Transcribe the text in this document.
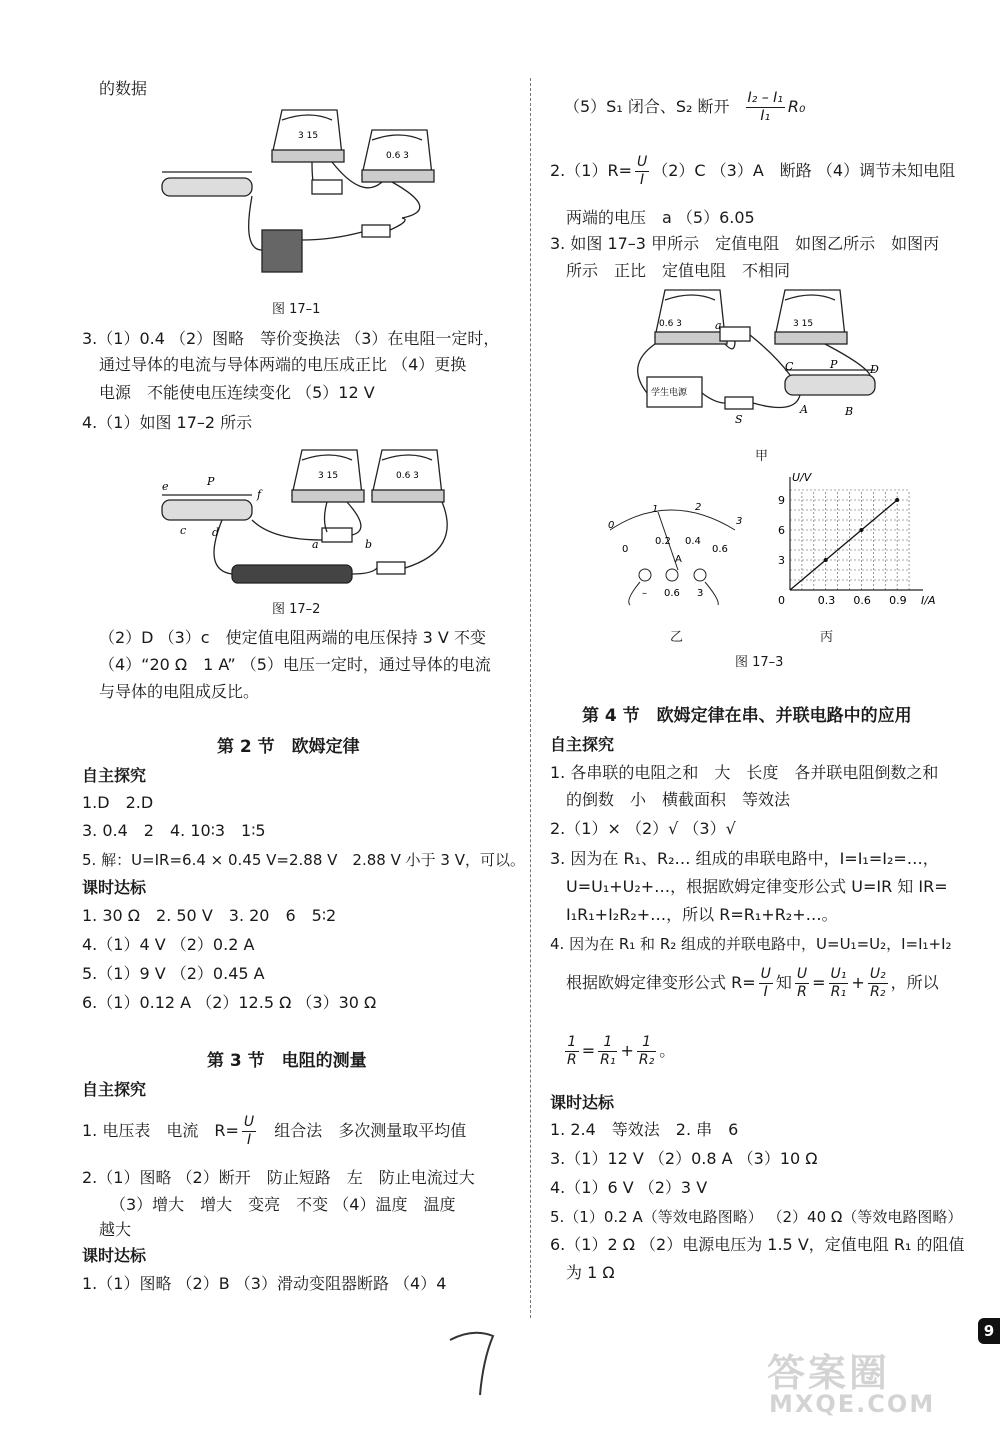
的数据
3 15
0.6 3
图 17–1
3.（1）0.4 （2）图略　等价变换法 （3）在电阻一定时，
通过导体的电流与导体两端的电压成正比 （4）更换
电源　不能使电压连续变化 （5）12 V
4.（1）如图 17–2 所示
3 15	0.6 3
e	P
f
c d
a	b
图 17–2
（2）D （3）c　使定值电阻两端的电压保持 3 V 不变
（4）“20 Ω　1 A” （5）电压一定时，通过导体的电流
与导体的电阻成反比。
第 2 节　欧姆定律
自主探究
1.D　2.D
3. 0.4　2　4. 10∶3　1∶5
5. 解：U=IR=6.4 × 0.45 V=2.88 V　2.88 V 小于 3 V，可以。
课时达标
1. 30 Ω　2. 50 V　3. 20　6　5∶2
4.（1）4 V （2）0.2 A
5.（1）9 V （2）0.45 A
6.（1）0.12 A （2）12.5 Ω （3）30 Ω
第 3 节　电阻的测量
自主探究
1. 电压表　电流　$R= \frac{U}{I}$ 组合法　多次测量取平均值
2.（1）图略 （2）断开　防止短路　左　防止电流过大
（3）增大　增大　变亮　不变 （4）温度　温度
越大
课时达标
1.（1）图略 （2）B （3）滑动变阻器断路 （4）4
（5）S₁ 闭合、S₂ 断开 $\frac{\text{I₂ – I₁}}{\text{I₁}} R_0$
$2.(1)R= \frac{U}{I} (2)C$ （3）A　断路 （4）调节未知电阻
两端的电压　a （5）6.05
3. 如图 17–3 甲所示　定值电阻　如图乙所示　如图丙
所示　正比　定值电阻　不相同
0.6 3	3 15
学生电源
a
C	P	D
A	B
S
甲
0
1	2
3
0
0.2 0.4
0.6
A
– 0.6 3
乙
I/A
U/V
0	0.3 0.6 0.9
3
6
9
丙
图 17–3
第 4 节　欧姆定律在串、并联电路中的应用
自主探究
1. 各串联的电阻之和　大　长度　各并联电阻倒数之和
的倒数　小　横截面积　等效法
2.（1）× （2）√ （3）√
3. 因为在 R₁、R₂… 组成的串联电路中，I=I₁=I₂=…，
U=U₁+U₂+…，根据欧姆定律变形公式 U=IR 知 IR=
I₁R₁+I₂R₂+…，所以 R=R₁+R₂+…。
4. 因为在 R₁ 和 R₂ 组成的并联电路中，U=U₁=U₂，I=I₁+I₂
根据欧姆定律变形公式 $R= \frac{U}{I}$ 知 $\frac{U}{R} = \frac{\text{U₁}}{\text{R₁}} + \frac{\text{U₂}}{\text{R₂}}$ ，所以
$\frac{1}{R} = \frac{1}{\text{R₁}} + \frac{1}{\text{R₂}}$ 。
课时达标
1. 2.4　等效法　2. 串　6
3.（1）12 V （2）0.8 A （3）10 Ω
4.（1）6 V （2）3 V
5.（1）0.2 A（等效电路图略） （2）40 Ω（等效电路图略）
6.（1）2 Ω （2）电源电压为 1.5 V，定值电阻 R₁ 的阻值
为 1 Ω
9
答案圈
MXQE.COM
